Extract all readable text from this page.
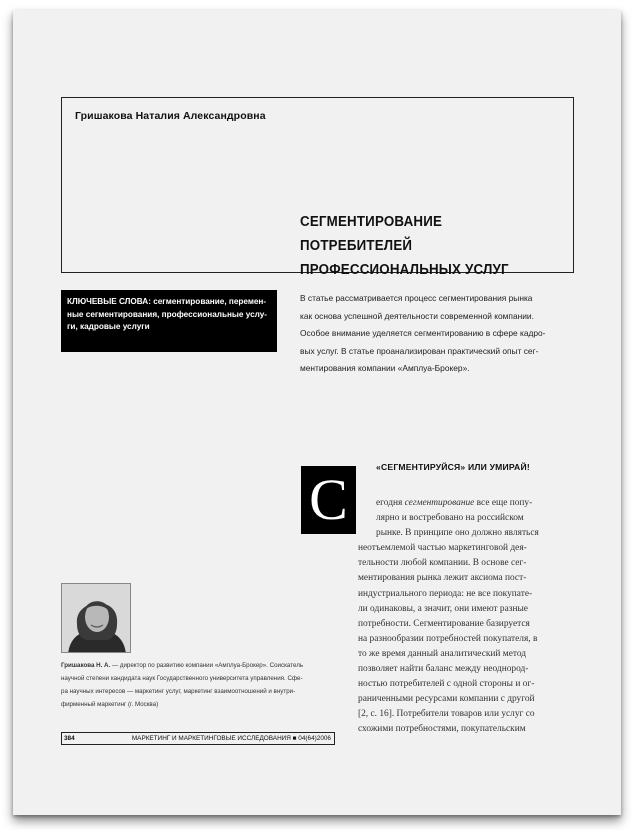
Гришакова Наталия Александровна
СЕГМЕНТИРОВАНИЕ ПОТРЕБИТЕЛЕЙ
ПРОФЕССИОНАЛЬНЫХ УСЛУГ
КЛЮЧЕВЫЕ СЛОВА: сегментирование, перемен-
ные сегментирования, профессиональные услу-
ги, кадровые услуги
В статье рассматривается процесс сегментирования рынка
как основа успешной деятельности современной компании.
Особое внимание уделяется сегментированию в сфере кадро-
вых услуг. В статье проанализирован практический опыт сег-
ментирования компании «Амплуа-Брокер».
С	«СЕГМЕНТИРУЙСЯ» ИЛИ УМИРАЙ!
егодня сегментирование все еще попу-
лярно и востребовано на российском
рынке. В принципе оно должно являться
неотъемлемой частью маркетинговой дея-
тельности любой компании. В основе сег-
ментирования рынка лежит аксиома пост-
индустриального периода: не все покупате-
ли одинаковы, а значит, они имеют разные
потребности. Сегментирование базируется
на разнообразии потребностей покупателя, в
то же время данный аналитический метод
позволяет найти баланс между неоднород-
ностью потребителей с одной стороны и ог-
раниченными ресурсами компании с другой
[2, с. 16]. Потребители товаров или услуг со
схожими потребностями, покупательским
Гришакова Н. А. — директор по развитию компании «Амплуа-Брокер». Соискатель
научной степени кандидата наук Государственного университета управления. Сфе-
ра научных интересов — маркетинг услуг, маркетинг взаимоотношений и внутри-
фирменный маркетинг (г. Москва)
384	МАРКЕТИНГ И МАРКЕТИНГОВЫЕ ИССЛЕДОВАНИЯ ■ 04(64)2006
